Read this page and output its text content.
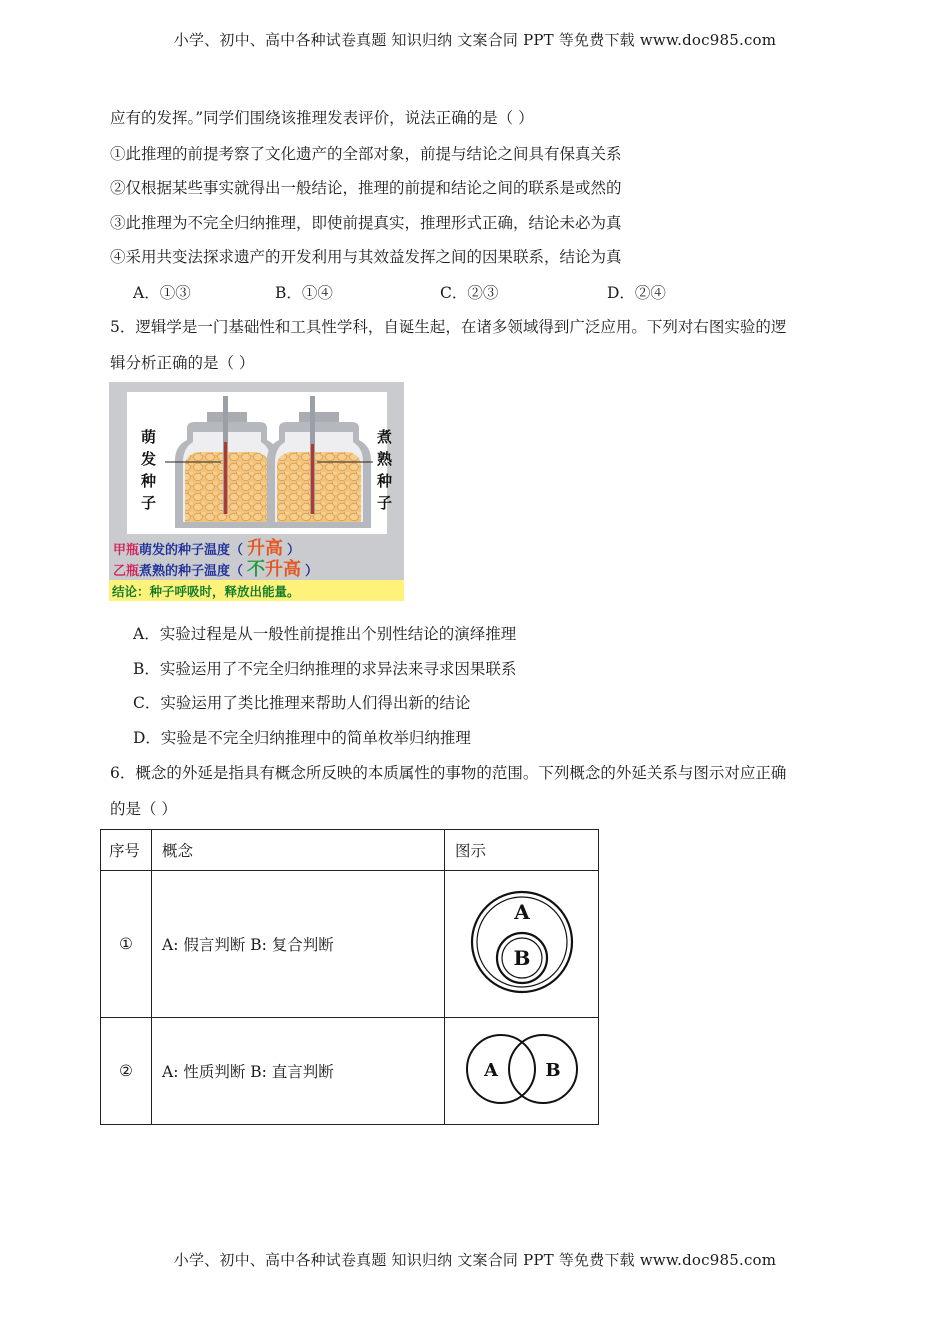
小学、初中、高中各种试卷真题 知识归纳 文案合同 PPT 等免费下载 www.doc985.com
应有的发挥。”同学们围绕该推理发表评价，说法正确的是（ ）
①此推理的前提考察了文化遗产的全部对象，前提与结论之间具有保真关系
②仅根据某些事实就得出一般结论，推理的前提和结论之间的联系是或然的
③此推理为不完全归纳推理，即使前提真实，推理形式正确，结论未必为真
④采用共变法探求遗产的开发利用与其效益发挥之间的因果联系，结论为真
A．①③	B．①④	C．②③	D．②④
5．逻辑学是一门基础性和工具性学科，自诞生起，在诸多领域得到广泛应用。下列对右图实验的逻
辑分析正确的是（ ）
萌
发
种
子
煮
熟
种
子
甲瓶萌发的种子温度（ 升高 ）
乙瓶煮熟的种子温度（ 不升高 ）
结论：种子呼吸时，释放出能量。
A．实验过程是从一般性前提推出个别性结论的演绎推理
B．实验运用了不完全归纳推理的求异法来寻求因果联系
C．实验运用了类比推理来帮助人们得出新的结论
D．实验是不完全归纳推理中的简单枚举归纳推理
6．概念的外延是指具有概念所反映的本质属性的事物的范围。下列概念的外延关系与图示对应正确
的是（ ）
序号	概念	图示
①	A: 假言判断 B: 复合判断	A
B

②	A: 性质判断 B: 直言判断	A B
小学、初中、高中各种试卷真题 知识归纳 文案合同 PPT 等免费下载 www.doc985.com
